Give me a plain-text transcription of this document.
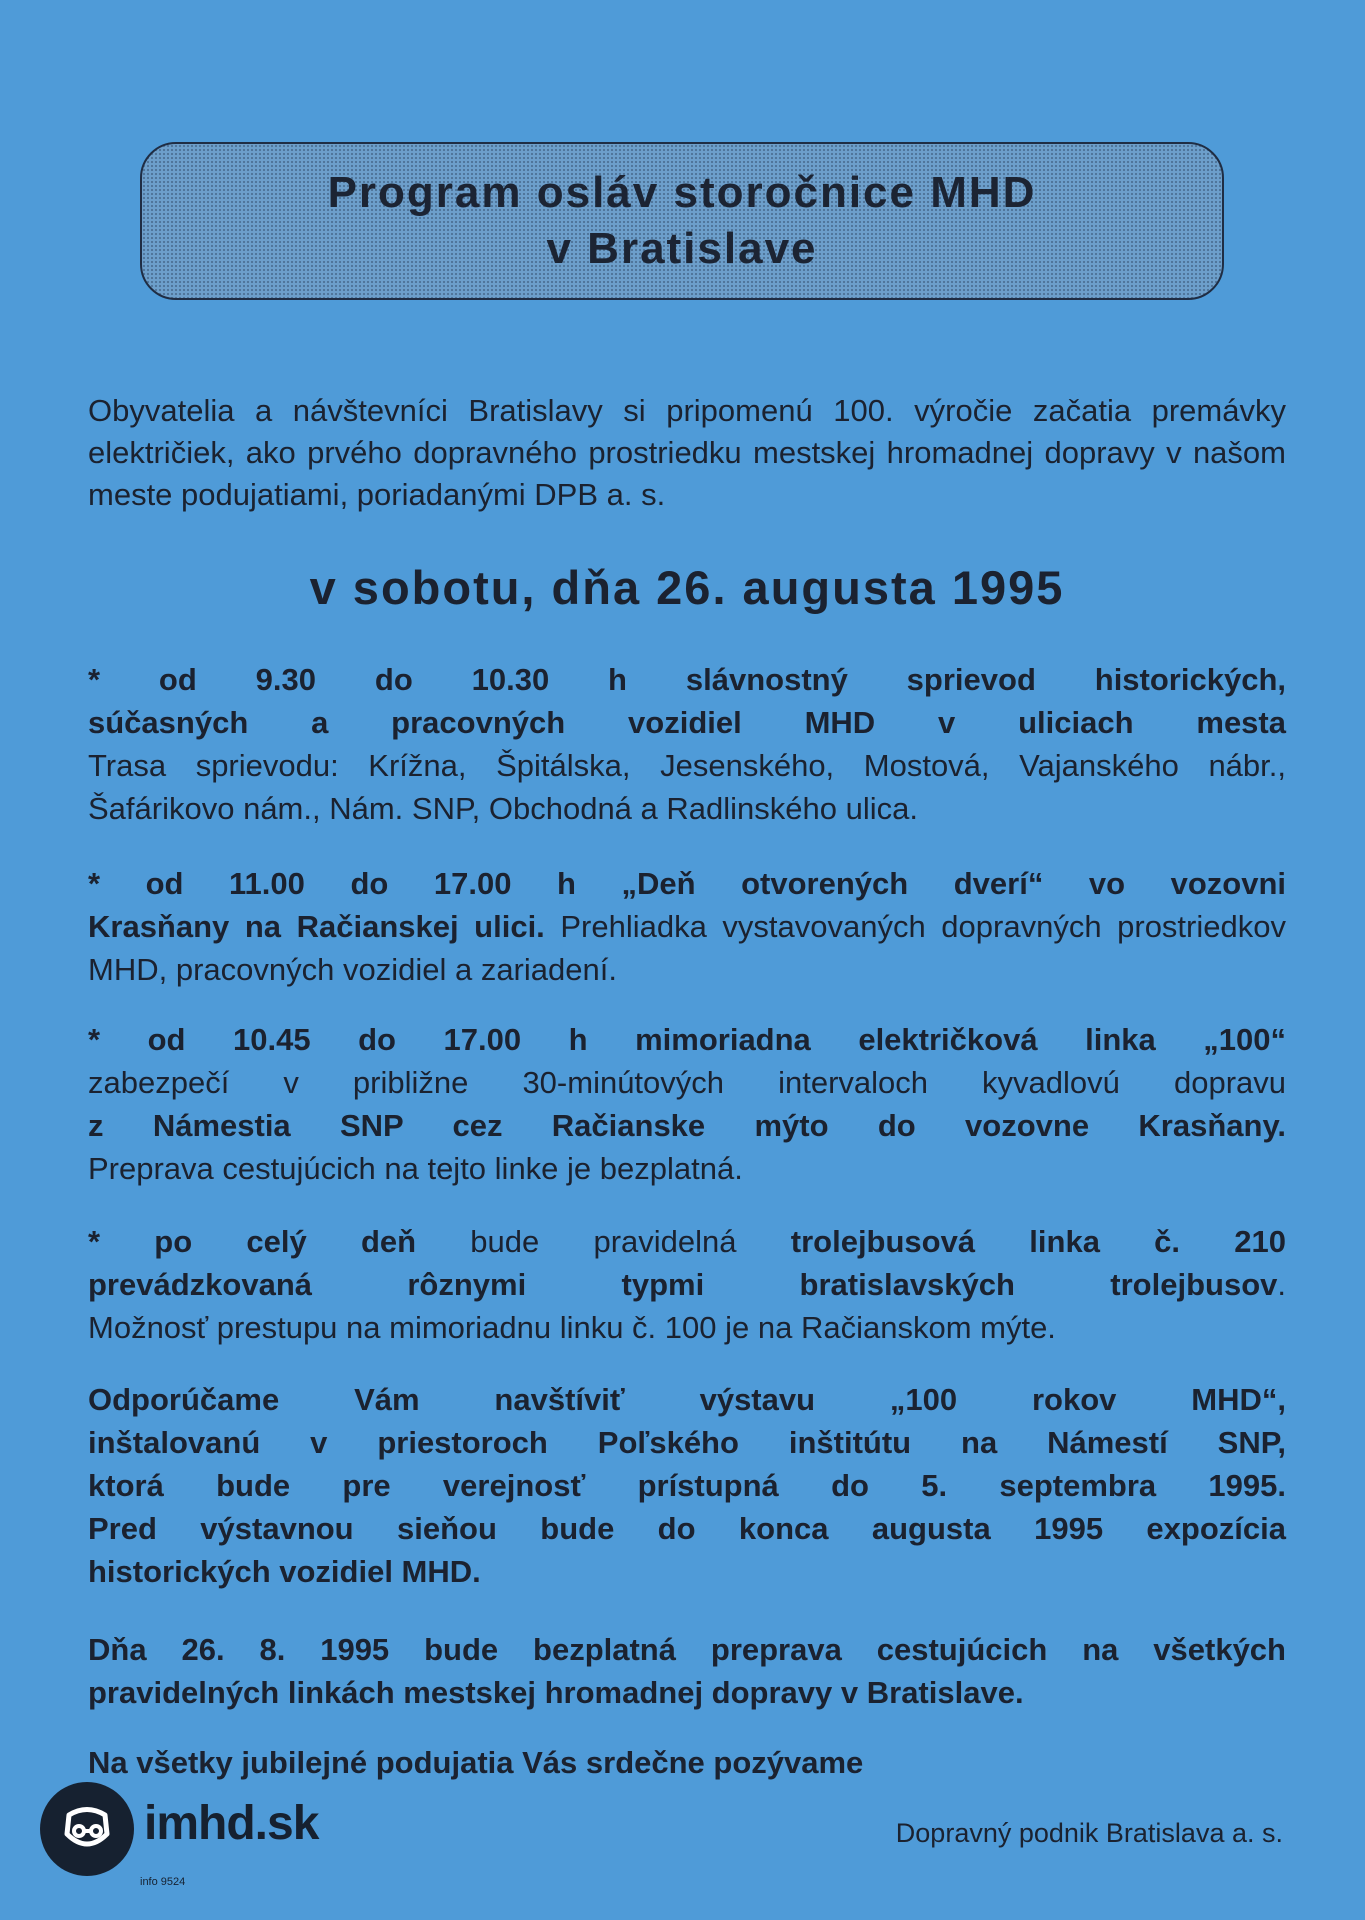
Program osláv storočnice MHD
v Bratislave
Obyvatelia a návštevníci Bratislavy si pripomenú 100. výročie začatia premávky električiek, ako prvého dopravného prostriedku mestskej hromadnej dopravy v našom meste podujatiami, poriadanými DPB a. s.
v sobotu, dňa 26. augusta 1995
* od 9.30 do 10.30 h slávnostný sprievod historických,
súčasných a pracovných vozidiel MHD v uliciach mesta
Trasa sprievodu: Krížna, Špitálska, Jesenského, Mostová, Vajanského nábr., Šafárikovo nám., Nám. SNP, Obchodná a Radlinského ulica.
* od 11.00 do 17.00 h „Deň otvorených dverí“ vo vozovni
Krasňany na Račianskej ulici. Prehliadka vystavovaných dopravných prostriedkov MHD, pracovných vozidiel a zariadení.
* od 10.45 do 17.00 h mimoriadna električková linka „100“
zabezpečí v približne 30-minútových intervaloch kyvadlovú dopravu
z Námestia SNP cez Račianske mýto do vozovne Krasňany.
Preprava cestujúcich na tejto linke je bezplatná.
* po celý deň bude pravidelná trolejbusová linka č. 210
prevádzkovaná rôznymi typmi bratislavských trolejbusov.
Možnosť prestupu na mimoriadnu linku č. 100 je na Račianskom mýte.
Odporúčame Vám navštíviť výstavu „100 rokov MHD“,
inštalovanú v priestoroch Poľského inštitútu na Námestí SNP,
ktorá bude pre verejnosť prístupná do 5. septembra 1995.
Pred výstavnou sieňou bude do konca augusta 1995 expozícia
historických vozidiel MHD.
Dňa 26. 8. 1995 bude bezplatná preprava cestujúcich na všetkých
pravidelných linkách mestskej hromadnej dopravy v Bratislave.
Na všetky jubilejné podujatia Vás srdečne pozývame
Dopravný podnik Bratislava a. s.
imhd.sk
info 9524
